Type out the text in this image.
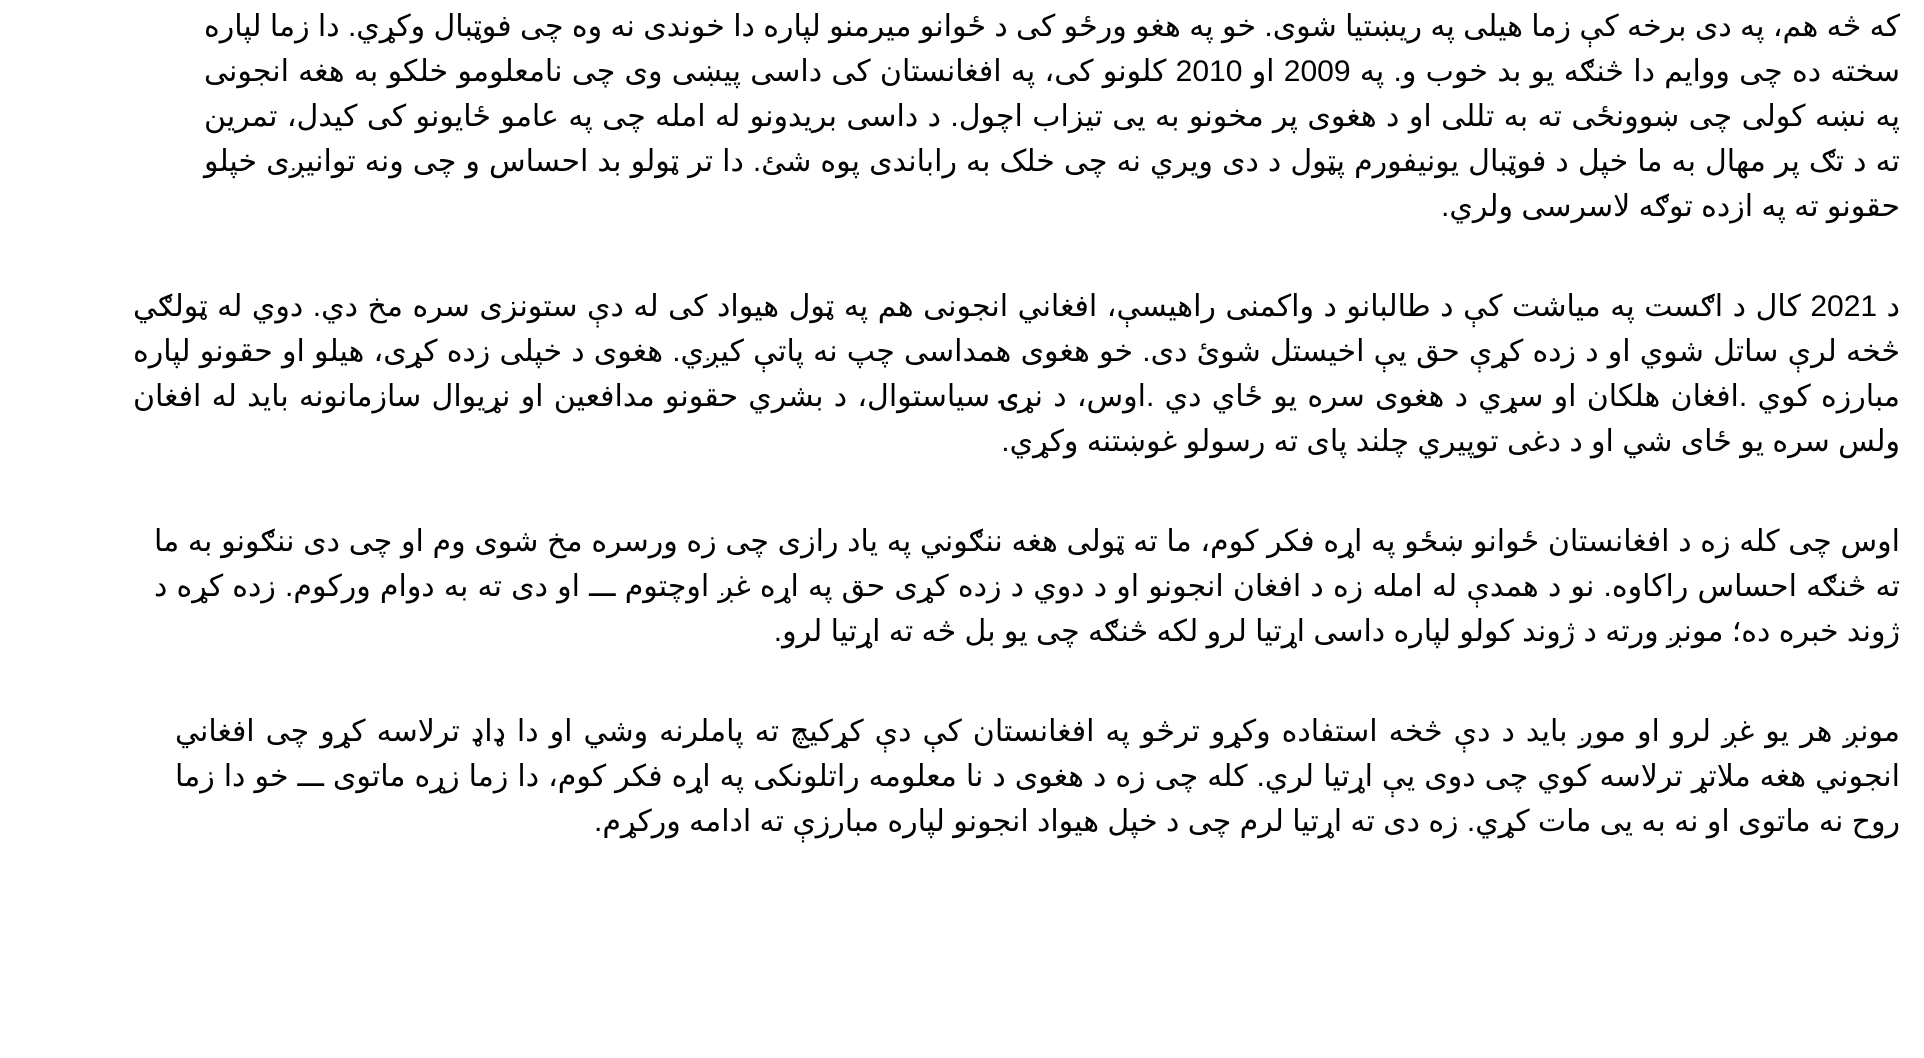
که څه هم، په دی برخه کې زما هیلی په ریښتیا شوی. خو په هغو ورځو کی د ځوانو میرمنو لپاره دا خوندی نه وه چی فوټبال وکړي. دا زما لپاره سخته ده چی ووایم دا څنګه یو بد خوب و. په 2009 او 2010 کلونو کی، په افغانستان کی داسی پیښی وی چی نامعلومو خلکو به هغه انجونی په نښه کولی چی ښوونځی ته به تللی او د هغوی پر مخونو به یی تیزاب اچول. د داسی بریدونو له امله چی په عامو ځایونو کی کیدل، تمرین ته د تګ پر مهال به ما خپل د فوټبال یونیفورم پټول د دی ویري نه چی خلک به راباندی پوه شئ. دا تر ټولو بد احساس و چی ونه توانیږی خپلو حقونو ته په ازده توګه لاسرسی ولري.

د 2021 کال د اګست په میاشت کې د طالبانو د واکمنی راهیسې، افغاني انجونی هم په ټول هیواد کی له دې ستونزی سره مخ دي. دوي له ټولګي څخه لرې ساتل شوي او د زده کړې حق يې اخیستل شوئ دی. خو هغوی همداسی چپ نه پاتې کیږي. هغوی د خپلی زده کړی، هیلو او حقونو لپاره مبارزه کوي .افغان هلکان او سړي د هغوی سره یو ځاي دي .اوس، د نړۍ سیاستوال، د بشري حقونو مدافعین او نړیوال سازمانونه باید له افغان ولس سره یو ځای شي او د دغی توپیري چلند پای ته رسولو غوښتنه وکړي.

اوس چی کله زه د افغانستان ځوانو ښځو په اړه فکر کوم، ما ته ټولی هغه ننګوني په یاد رازی چی زه ورسره مخ شوی وم او چی دی ننګونو به ما ته څنګه احساس راکاوه. نو د همدې له امله زه د افغان انجونو او د دوي د زده کړی حق په اړه غږ اوچتوم ـــ او دی ته به دوام ورکوم. زده کړه د ژوند خبره ده؛ مونږ ورته د ژوند کولو لپاره داسی اړتیا لرو لکه څنګه چی یو بل څه ته اړتیا لرو.

مونږ هر یو غږ لرو او موږ باید د دې څخه استفاده وکړو ترڅو په افغانستان کې دې کړکیچ ته پاملرنه وشي او دا ډاډ ترلاسه کړو چی افغاني انجوني هغه ملاتړ ترلاسه کوي چی دوی یې اړتیا لري. کله چی زه د هغوی د نا معلومه راتلونکی په اړه فکر کوم، دا زما زړه ماتوی ـــ خو دا زما روح نه ماتوی او نه به یی مات کړي. زه دی ته اړتیا لرم چی د خپل هیواد انجونو لپاره مبارزې ته ادامه ورکړم.
